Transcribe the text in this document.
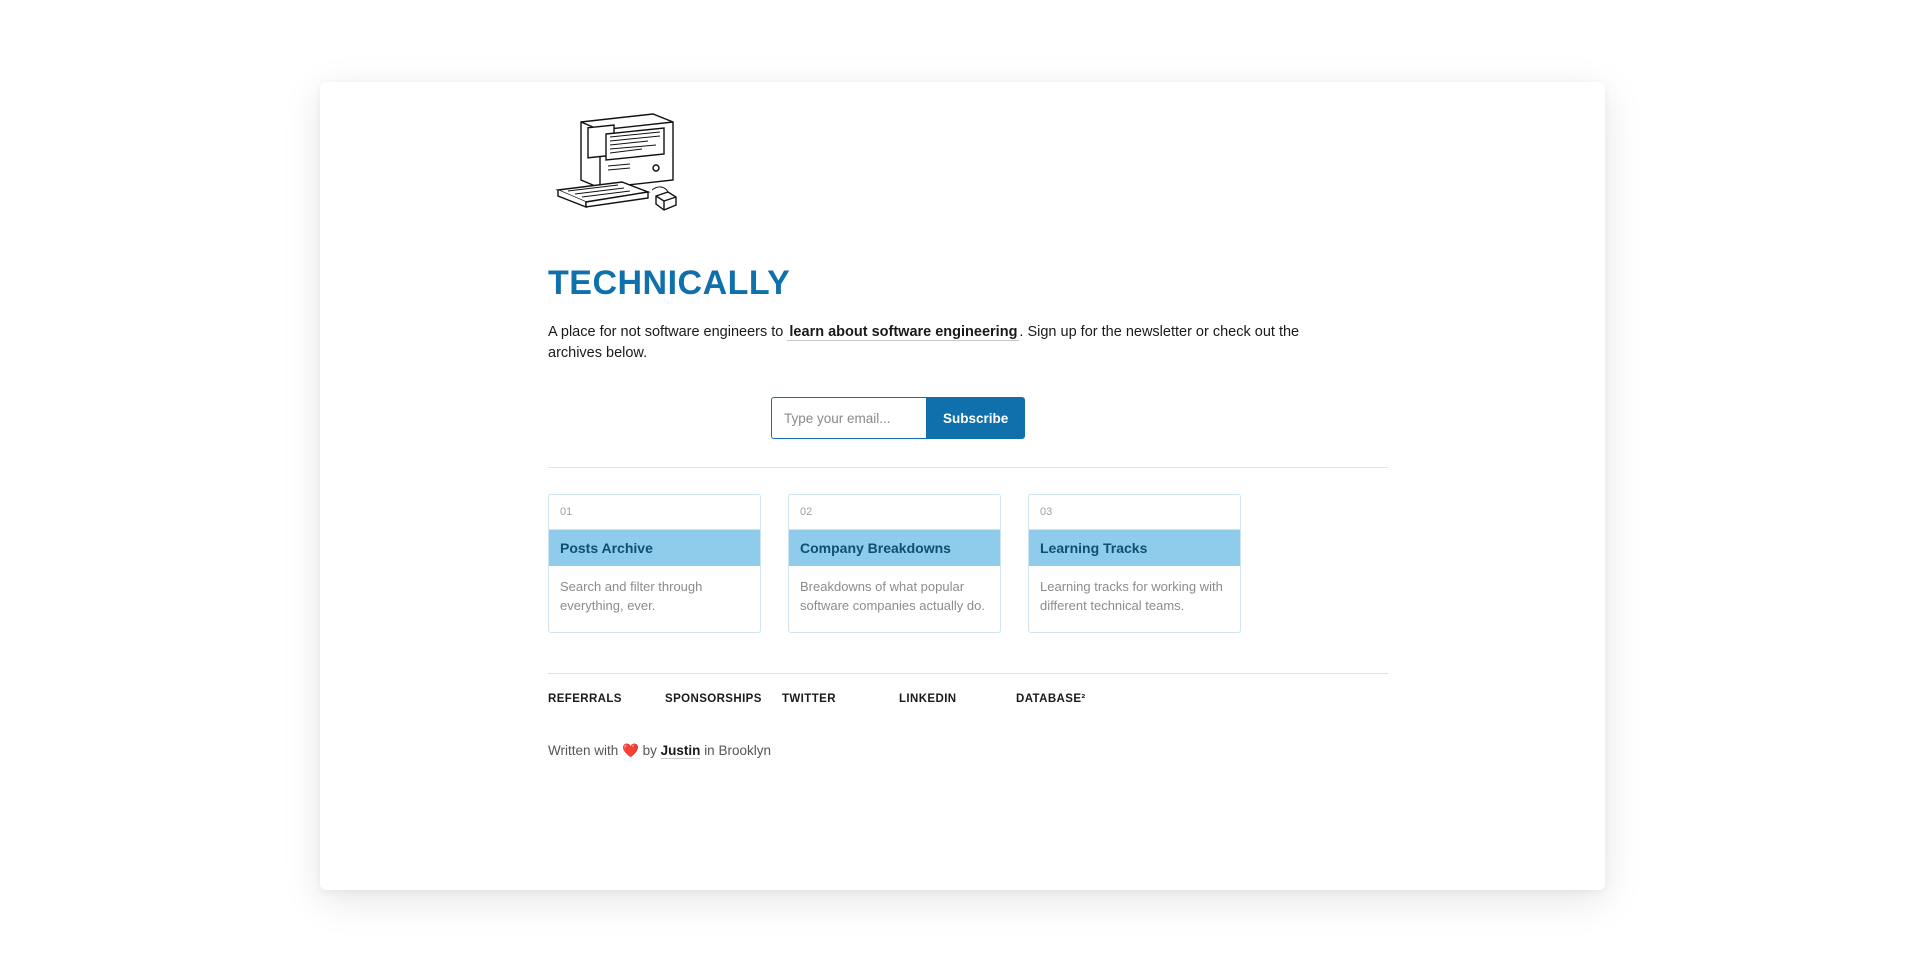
TECHNICALLY
A place for not software engineers to learn about software engineering . Sign up for the newsletter or check out the archives below.
Type your email...
Subscribe
01
Posts Archive
Search and filter through everything, ever.
02
Company Breakdowns
Breakdowns of what popular software companies actually do.
03
Learning Tracks
Learning tracks for working with different technical teams.
REFERRALS	SPONSORSHIPS	TWITTER	LINKEDIN	DATABASE²
Written with ❤️ by Justin in Brooklyn
